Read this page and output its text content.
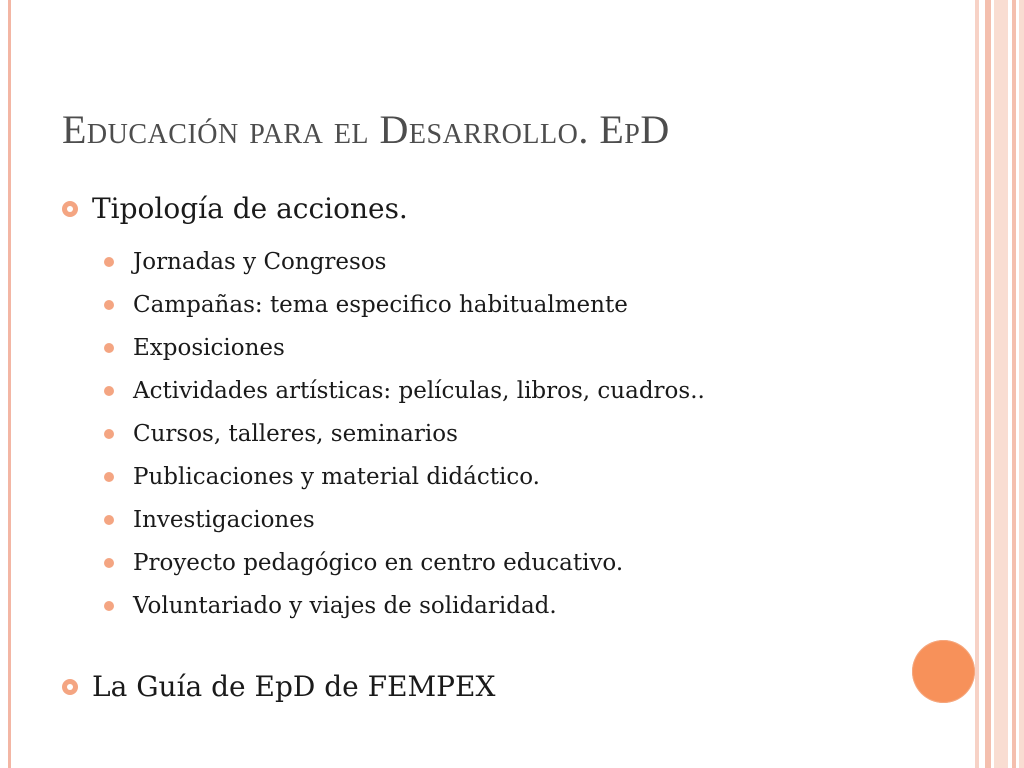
Educación para el Desarrollo. EpD
Tipología de acciones.
Jornadas y Congresos
Campañas: tema especifico habitualmente
Exposiciones
Actividades artísticas: películas, libros, cuadros..
Cursos, talleres, seminarios
Publicaciones y material didáctico.
Investigaciones
Proyecto pedagógico en centro educativo.
Voluntariado y viajes de solidaridad.
La Guía de EpD de FEMPEX
